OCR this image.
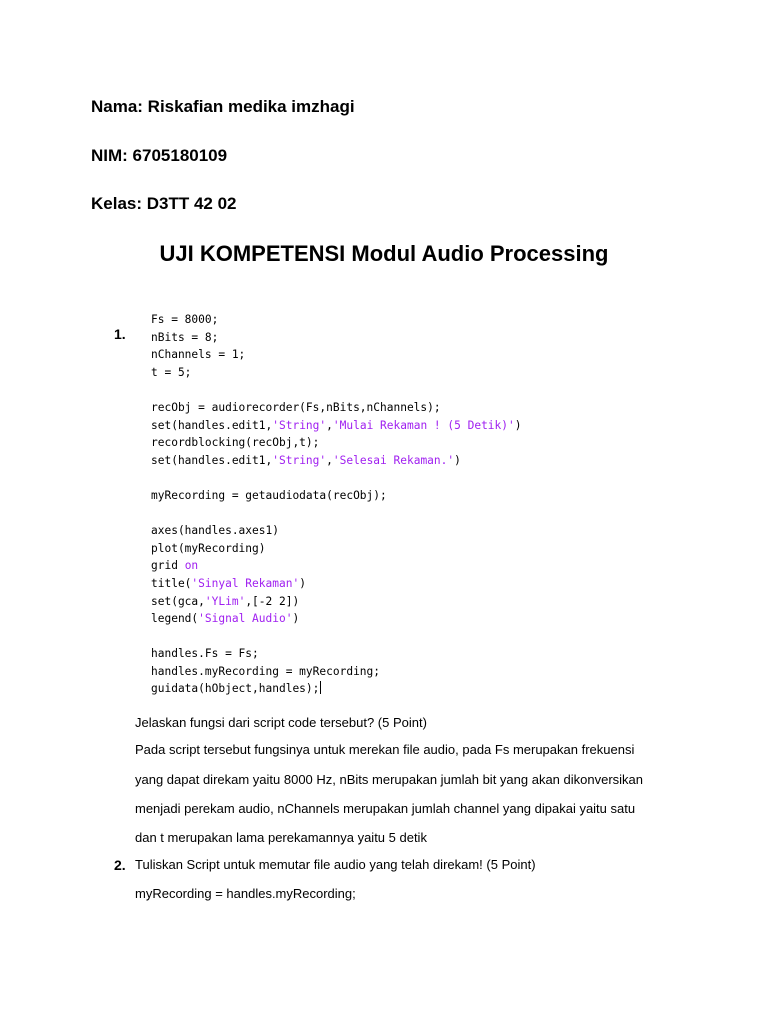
Nama: Riskafian medika imzhagi
NIM: 6705180109
Kelas: D3TT 42 02
UJI KOMPETENSI Modul Audio Processing
1.
Fs = 8000;
nBits = 8;
nChannels = 1;
t = 5;
recObj = audiorecorder(Fs,nBits,nChannels);
set(handles.edit1,'String','Mulai Rekaman ! (5 Detik)')
recordblocking(recObj,t);
set(handles.edit1,'String','Selesai Rekaman.')
myRecording = getaudiodata(recObj);
axes(handles.axes1)
plot(myRecording)
grid on
title('Sinyal Rekaman')
set(gca,'YLim',[-2 2])
legend('Signal Audio')
handles.Fs = Fs;
handles.myRecording = myRecording;
guidata(hObject,handles);
Jelaskan fungsi dari script code tersebut? (5 Point)
Pada script tersebut fungsinya untuk merekan file audio, pada Fs merupakan frekuensi
yang dapat direkam yaitu 8000 Hz, nBits merupakan jumlah bit yang akan dikonversikan
menjadi perekam audio, nChannels merupakan jumlah channel yang dipakai yaitu satu
dan t merupakan lama perekamannya yaitu 5 detik
2. Tuliskan Script untuk memutar file audio yang telah direkam! (5 Point)
myRecording = handles.myRecording;
